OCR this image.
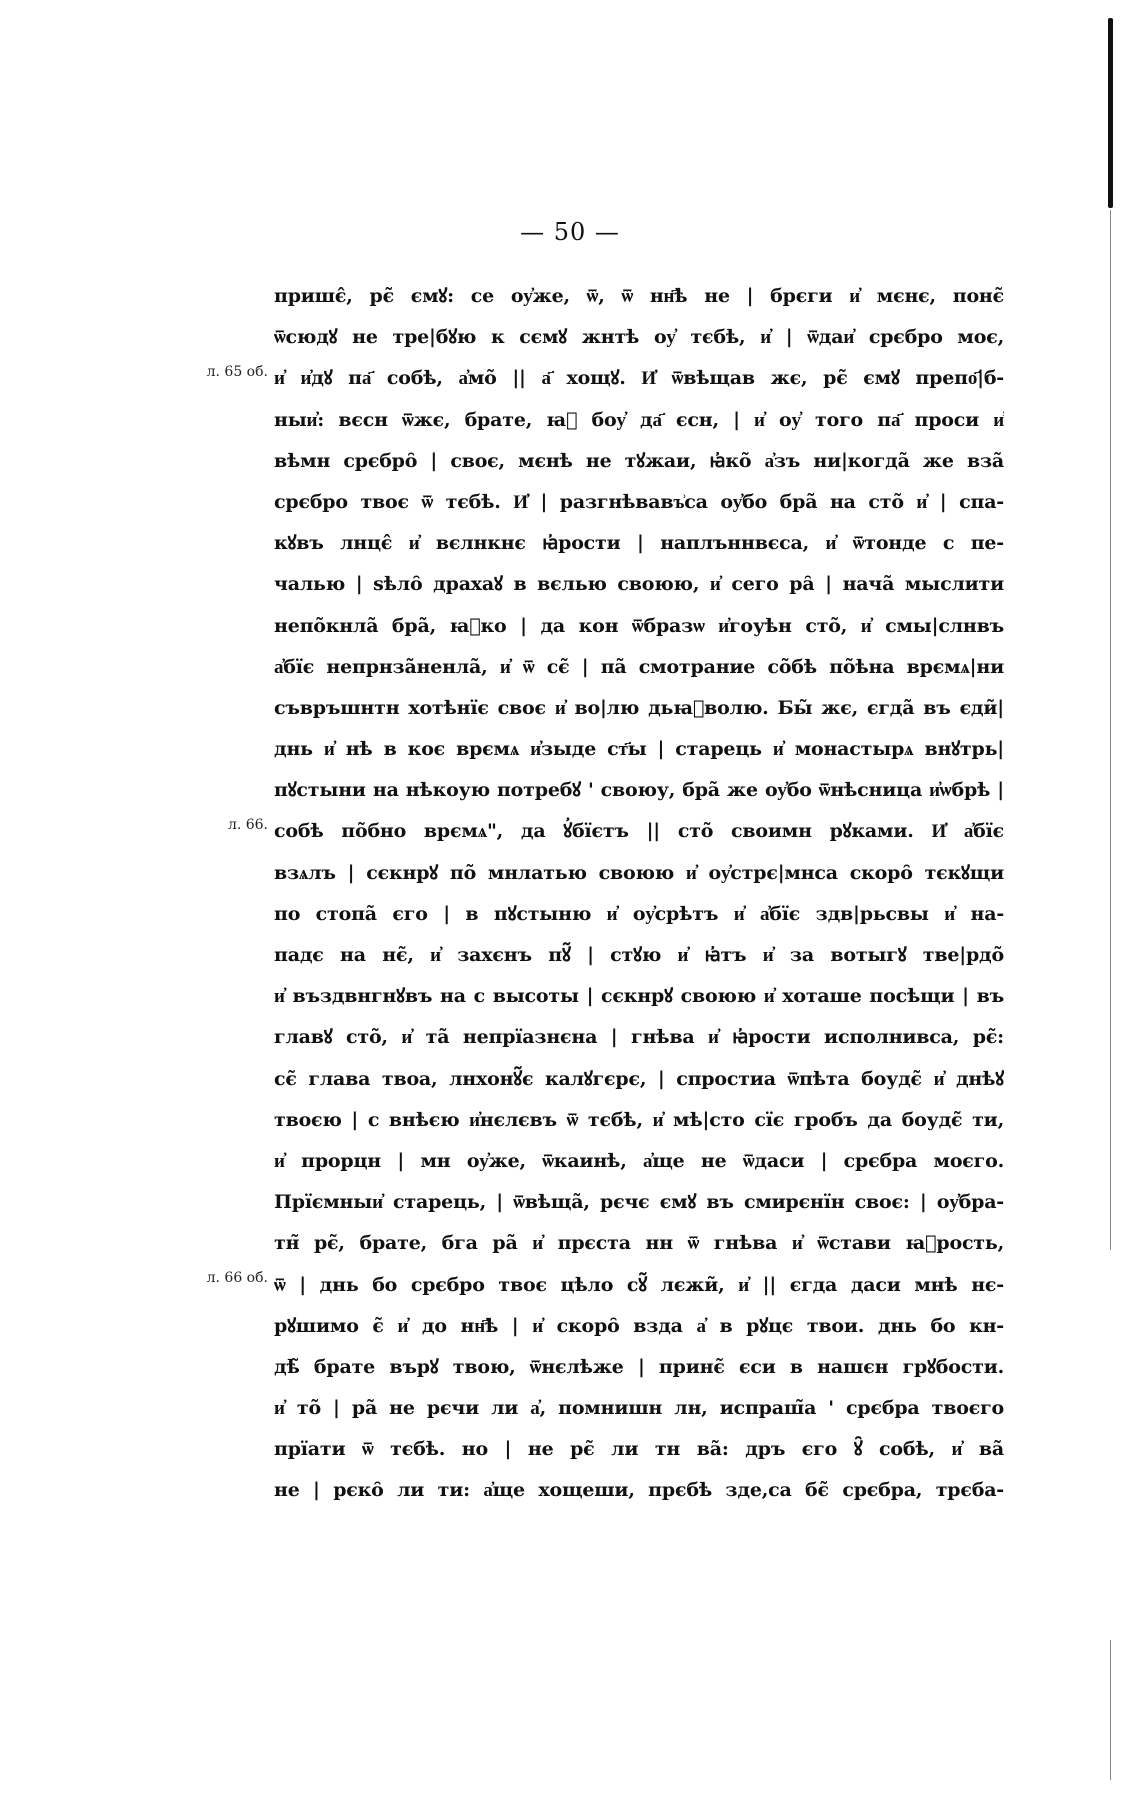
— 50 —
л. 65 об.
л. 66.
л. 66 об.
пришє̂, рє̃ ємꙋ: се оу҆же, ѿ, ѿ нн҃ѣ не | брєги и҆ мєнє, понє̃
ѿсюдꙋ не тре|бꙋю к сємꙋ жнтѣ оу҆ тєбѣ, и҆ | ѿдаи҆ срєбро моє,
и҆ и҆дꙋ па҃ собѣ, а҆мо̃ || а҃ хощꙋ. И҆ ѿвѣщав жє, рє̃ ємꙋ препо҃|б-
ныи҆: вєсн ѿжє, брате, ꙗ҆ боу҆ да҃ єсн, | и҆ оу҆ того па҃ проси и҆
вѣмн срєбро̑ | своє, мєнѣ не тꙋжаи, ꙗ҆ко̃ а҆зъ ни|когда̃ же вза̃
срєбро твоє ѿ тєбѣ. И҆ | разгнѣвавъ͗са оу҆бо бра̃ на сто̃ и҆ | спа-
кꙋвъ лнцє̂ и҆ вєлнкнє ꙗ҆рости | наплъннвєса, и҆ ѿтонде с пе-
чалью | ѕѣло̑ драхаꙋ в вєлью своюю, и҆ сего ра̑ | нача̃ мыслити
непо̃кнла̃ бра̃, ꙗ҆ко | да кон ѿбразѡ и҆гоуѣн сто̃, и҆ смы|слнвъ
а҆бїє непрнза̃ненла̃, и҆ ѿ сє̃ | па̃ смотрание со̃бѣ по̃ѣна врємѧ|ни
съвръшнтн хотѣнїє своє и҆ во|лю дьꙗ҆волю. Бы̃ жє, єгда̃ въ єди̃|
днь и҆ нѣ в коє врємѧ и҆зыде ст҃ы | старець и҆ монастырѧ внꙋтрь|
пꙋстыни на нѣкоую потребꙋ ' своюу, бра̃ же оу҆бо ѿнѣсница и҆ѡбрѣ |
собѣ по̃бно врємѧ", да ꙋ҆бїєтъ || сто̃ своимн рꙋками. И҆ а҆бїє
взѧлъ | сєкнрꙋ по̃ мнлатью своюю и҆ оу҆стрє|мнса скоро̑ тєкꙋщи
по стопа̃ єго | в пꙋстыню и҆ оу҆срѣтъ и҆ а҆бїє здв|рьсвы и҆ на-
падє на нє̃, и҆ захєнъ пꙋ̃ | стꙋю и҆ ꙗ҆тъ и҆ за вотыгꙋ тве|рдо̃
и҆ въздвнгнꙋвъ на с высоты | сєкнрꙋ своюю и҆ хоташе посѣщи | въ
главꙋ сто̃, и҆ та̃ непрїазнєна | гнѣва и҆ ꙗ҆рости исполнивса, рє̃:
сє̃ глава твоа, лнхонꙋ̃є калꙋгєрє, | спростиа ѿпѣта боудє̃ и҆ днѣꙋ
твоєю | с внѣєю и҆нєлєвъ ѿ тєбѣ, и҆ мѣ|сто сїє гробъ да боудє̃ ти,
и҆ прорцн | мн оу҆же, ѿкаинѣ, а҆ще не ѿдаси | срєбра моєго.
Прїємныи҆ старець, | ѿвѣща̃, рєчє ємꙋ въ смирєнїн своє: | оу҆бра-
тн̃ рє̃, брате, бга ра̃ и҆ прєста нн ѿ гнѣва и҆ ѿстави ꙗ҆рость,
ѿ | днь бо срєбро твоє цѣло сꙋ̃ лєжи̃, и҆ || єгда даси мнѣ нє-
рꙋшимо є̃ и҆ до нн҃ѣ | и҆ скоро̑ взда а҆ в рꙋцє твои. днь бо кн-
дѣ̃ брате върꙋ твою, ѿнєлѣже | принє̃ єси в нашєн грꙋбости.
и҆ то̃ | ра̃ не рєчи ли а҆, помнишн лн, испраш̃а ' срєбра твоєго
прїати ѿ тєбѣ. но | не рє̃ ли тн ва̃: дръ єго ꙋ̑ собѣ, и҆ ва̃
не | рєко̑ ли ти: а҆ще хощеши, прєбѣ зде,са бє̃ срєбра, трєба-
